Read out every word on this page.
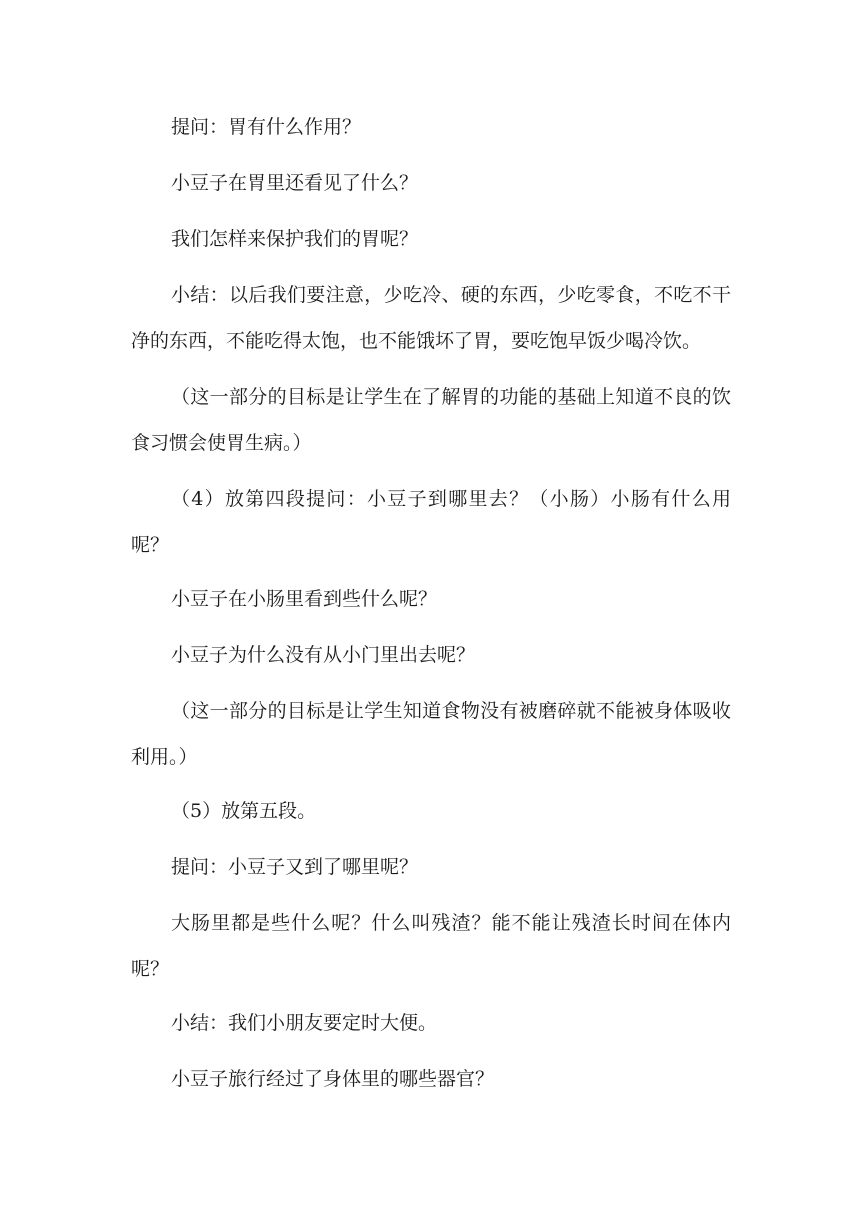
提问：胃有什么作用？

小豆子在胃里还看见了什么？

我们怎样来保护我们的胃呢？

小结：以后我们要注意，少吃冷、硬的东西，少吃零食，不吃不干净的东西，不能吃得太饱，也不能饿坏了胃，要吃饱早饭少喝冷饮。

（这一部分的目标是让学生在了解胃的功能的基础上知道不良的饮食习惯会使胃生病。）

（4）放第四段提问：小豆子到哪里去？（小肠）小肠有什么用呢？

小豆子在小肠里看到些什么呢？

小豆子为什么没有从小门里出去呢？

（这一部分的目标是让学生知道食物没有被磨碎就不能被身体吸收利用。）

（5）放第五段。

提问：小豆子又到了哪里呢？

大肠里都是些什么呢？什么叫残渣？能不能让残渣长时间在体内呢？

小结：我们小朋友要定时大便。

小豆子旅行经过了身体里的哪些器官？
